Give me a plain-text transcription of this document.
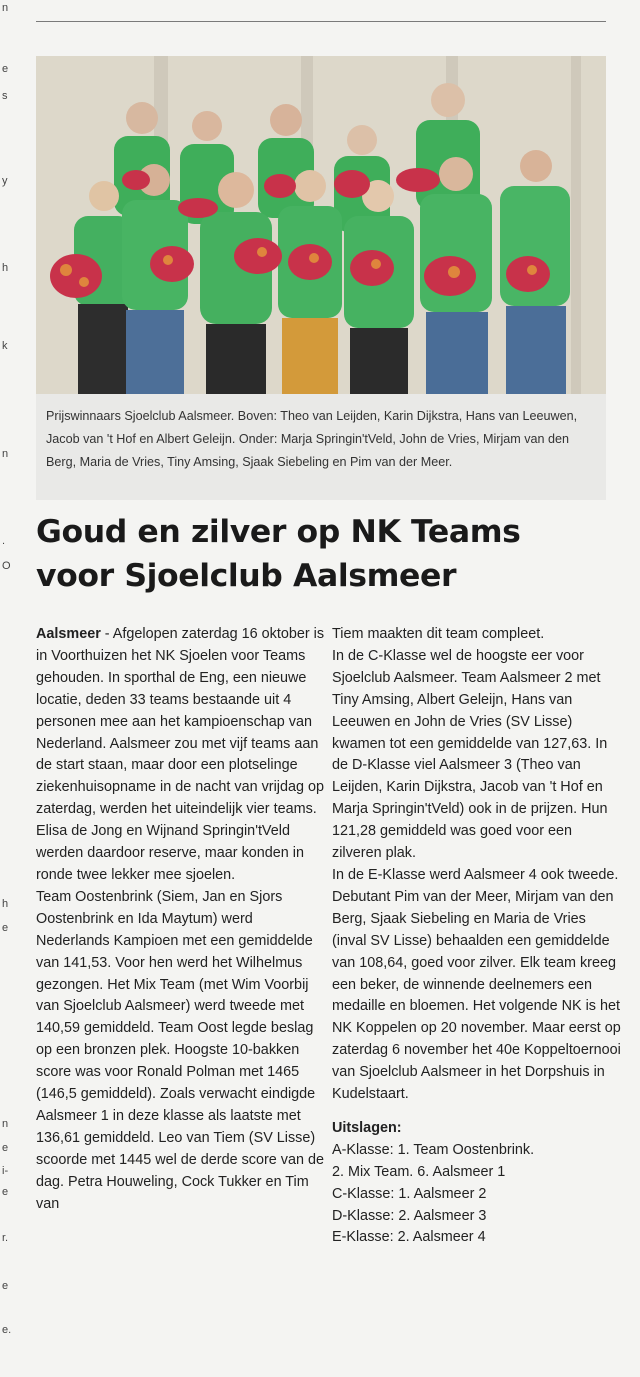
n
e
s
y
h
k
n
.
O
h
e
n
e
i-
e
r.
e
e.
Prijswinnaars Sjoelclub Aalsmeer. Boven: Theo van Leijden, Karin Dijkstra, Hans van Leeuwen, Jacob van 't Hof en Albert Geleijn. Onder: Marja Springin'tVeld, John de Vries, Mirjam van den Berg, Maria de Vries, Tiny Amsing, Sjaak Siebeling en Pim van der Meer.
Goud en zilver op NK Teams
voor Sjoelclub Aalsmeer

Aalsmeer - Afgelopen zaterdag 16 oktober is in Voorthuizen het NK Sjoelen voor Teams gehouden. In sporthal de Eng, een nieuwe locatie, deden 33 teams bestaande uit 4 personen mee aan het kampioenschap van Nederland. Aalsmeer zou met vijf teams aan de start staan, maar door een plotselinge ziekenhuisopname in de nacht van vrijdag op zaterdag, werden het uiteindelijk vier teams. Elisa de Jong en Wijnand Springin'tVeld werden daardoor reserve, maar konden in ronde twee lekker mee sjoelen.

Team Oostenbrink (Siem, Jan en Sjors Oostenbrink en Ida Maytum) werd Nederlands Kampioen met een gemiddelde van 141,53. Voor hen werd het Wilhelmus gezongen. Het Mix Team (met Wim Voorbij van Sjoelclub Aalsmeer) werd tweede met 140,59 gemiddeld. Team Oost legde beslag op een bronzen plek. Hoogste 10-bakken score was voor Ronald Polman met 1465 (146,5 gemiddeld). Zoals verwacht eindigde Aalsmeer 1 in deze klasse als laatste met 136,61 gemiddeld. Leo van Tiem (SV Lisse) scoorde met 1445 wel de derde score van de dag. Petra Houweling, Cock Tukker en Tim van

Tiem maakten dit team compleet.

In de C-Klasse wel de hoogste eer voor Sjoelclub Aalsmeer. Team Aalsmeer 2 met Tiny Amsing, Albert Geleijn, Hans van Leeuwen en John de Vries (SV Lisse) kwamen tot een gemiddelde van 127,63. In de D-Klasse viel Aalsmeer 3 (Theo van Leijden, Karin Dijkstra, Jacob van 't Hof en Marja Springin'tVeld) ook in de prijzen. Hun 121,28 gemiddeld was goed voor een zilveren plak.

In de E-Klasse werd Aalsmeer 4 ook tweede. Debutant Pim van der Meer, Mirjam van den Berg, Sjaak Siebeling en Maria de Vries (inval SV Lisse) behaalden een gemiddelde van 108,64, goed voor zilver. Elk team kreeg een beker, de winnende deelnemers een medaille en bloemen. Het volgende NK is het NK Koppelen op 20 november. Maar eerst op zaterdag 6 november het 40e Koppeltoernooi van Sjoelclub Aalsmeer in het Dorpshuis in Kudelstaart.

Uitslagen:
A-Klasse: 1. Team Oostenbrink.
2. Mix Team. 6. Aalsmeer 1
C-Klasse: 1. Aalsmeer 2
D-Klasse: 2. Aalsmeer 3
E-Klasse: 2. Aalsmeer 4
